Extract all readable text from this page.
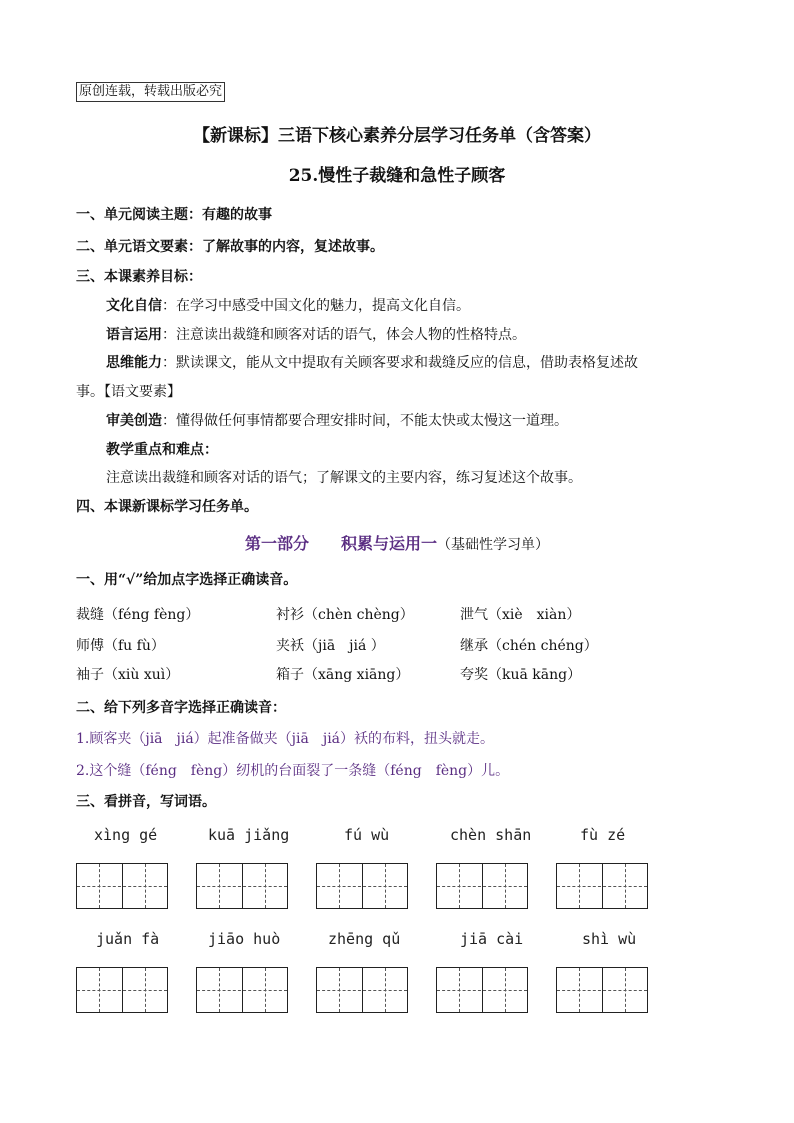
原创连载，转载出版必究
【新课标】三语下核心素养分层学习任务单（含答案）
25.慢性子裁缝和急性子顾客
一、单元阅读主题：有趣的故事
二、单元语文要素：了解故事的内容，复述故事。
三、本课素养目标：
文化自信：在学习中感受中国文化的魅力，提高文化自信。
语言运用：注意读出裁缝和顾客对话的语气，体会人物的性格特点。
思维能力：默读课文，能从文中提取有关顾客要求和裁缝反应的信息，借助表格复述故
事。【语文要素】
审美创造：懂得做任何事情都要合理安排时间，不能太快或太慢这一道理。
教学重点和难点：
注意读出裁缝和顾客对话的语气；了解课文的主要内容，练习复述这个故事。
四、本课新课标学习任务单。
第一部分　　积累与运用一（基础性学习单）
一、用“√”给加点字选择正确读音。
裁缝（féng fèng）	衬衫（chèn chèng）	泄气（xiè　xiàn）
师傅（fu fù）	夹袄（jiā　jiá ）	继承（chén chéng）
袖子（xiù xuì）	箱子（xāng xiāng）	夸奖（kuā kāng）
二、给下列多音字选择正确读音：
1.顾客夹（jiā　jiá）起准备做夹（jiā　jiá）袄的布料，扭头就走。
2.这个缝（féng　fèng）纫机的台面裂了一条缝（féng　fèng）儿。
三、看拼音，写词语。
xìng gé	kuā jiǎng	fú wù	chèn shān	fù zé
juǎn fà	jiāo huò	zhēng qǔ	jiā cài	shì wù
